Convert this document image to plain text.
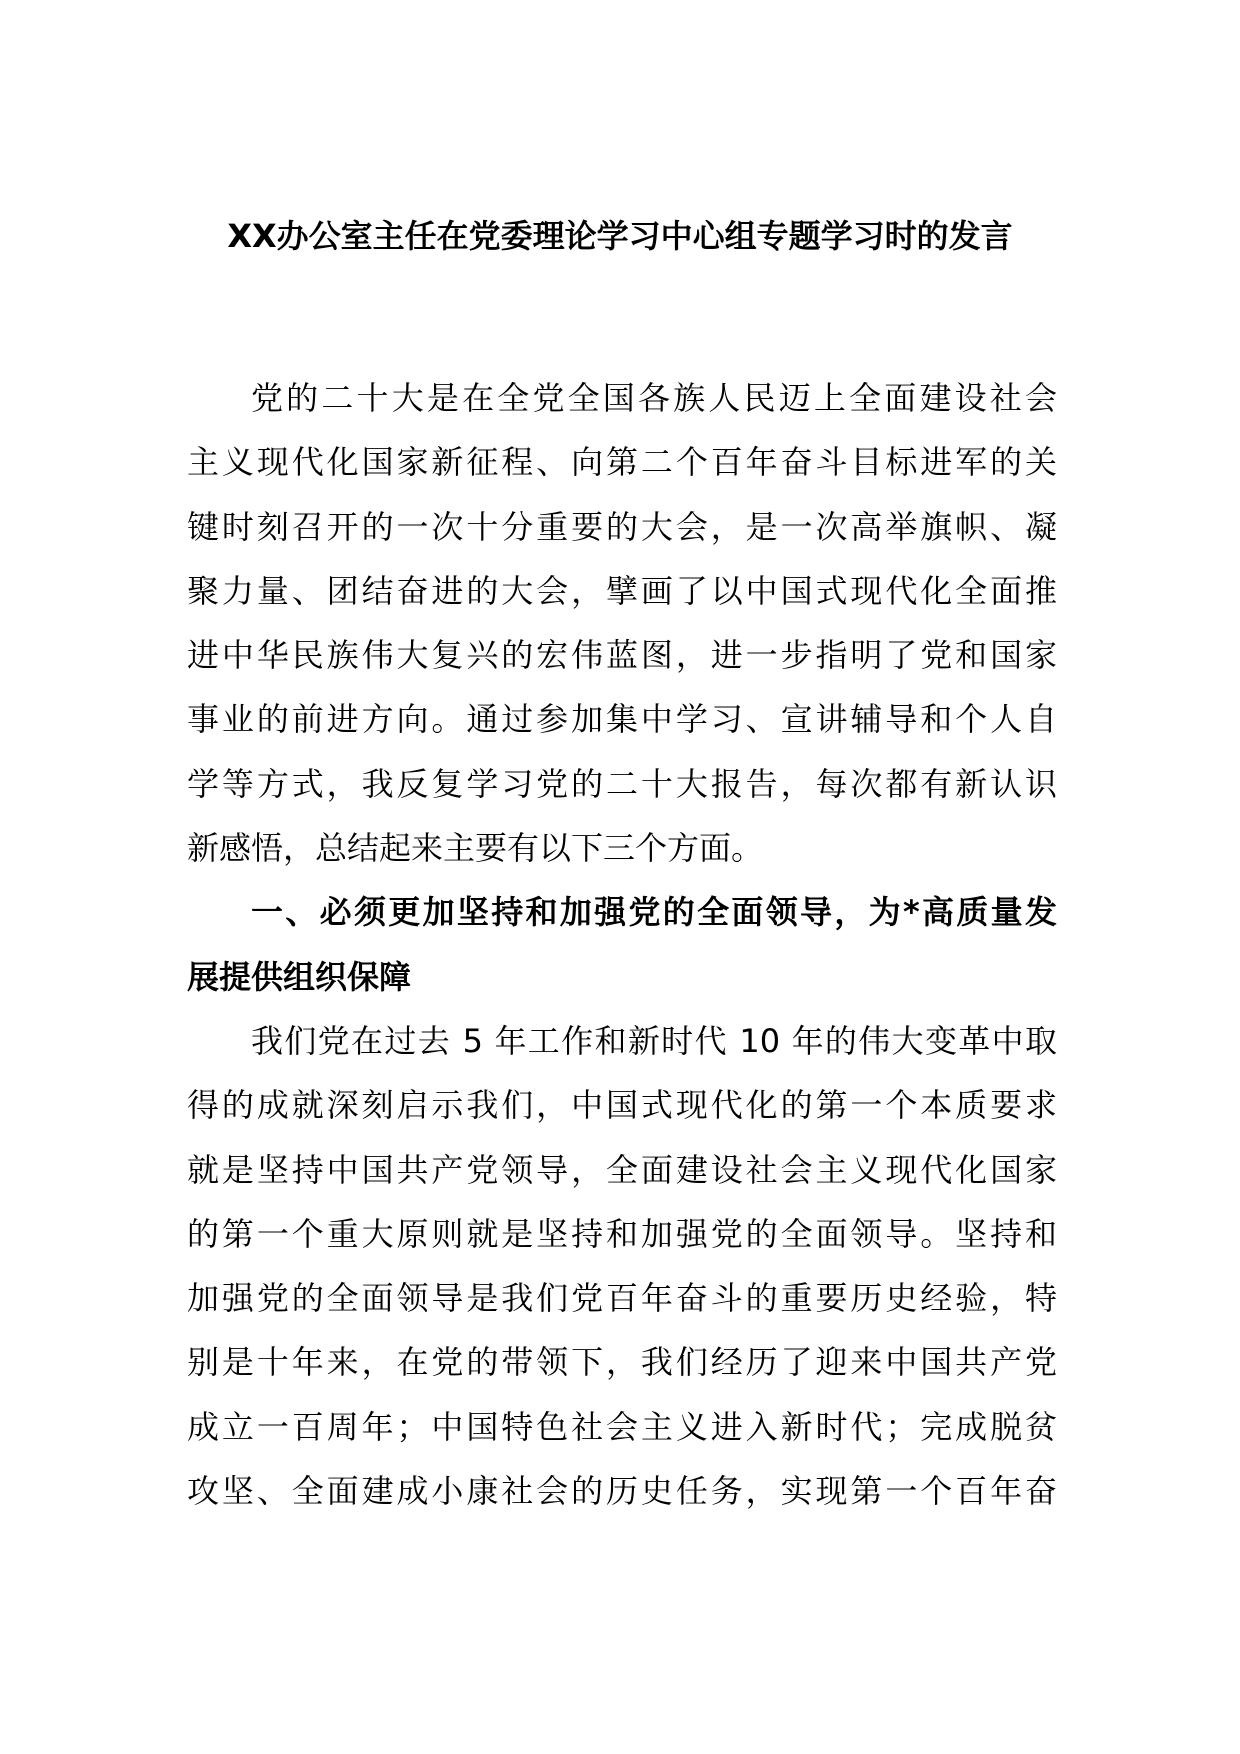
XX办公室主任在党委理论学习中心组专题学习时的发言
党的二十大是在全党全国各族人民迈上全面建设社会
主义现代化国家新征程、向第二个百年奋斗目标进军的关
键时刻召开的一次十分重要的大会，是一次高举旗帜、凝
聚力量、团结奋进的大会，擘画了以中国式现代化全面推
进中华民族伟大复兴的宏伟蓝图，进一步指明了党和国家
事业的前进方向。通过参加集中学习、宣讲辅导和个人自
学等方式，我反复学习党的二十大报告，每次都有新认识
新感悟，总结起来主要有以下三个方面。
一、必须更加坚持和加强党的全面领导，为*高质量发
展提供组织保障
我们党在过去 5 年工作和新时代 10 年的伟大变革中取
得的成就深刻启示我们，中国式现代化的第一个本质要求
就是坚持中国共产党领导，全面建设社会主义现代化国家
的第一个重大原则就是坚持和加强党的全面领导。坚持和
加强党的全面领导是我们党百年奋斗的重要历史经验，特
别是十年来，在党的带领下，我们经历了迎来中国共产党
成立一百周年；中国特色社会主义进入新时代；完成脱贫
攻坚、全面建成小康社会的历史任务，实现第一个百年奋
